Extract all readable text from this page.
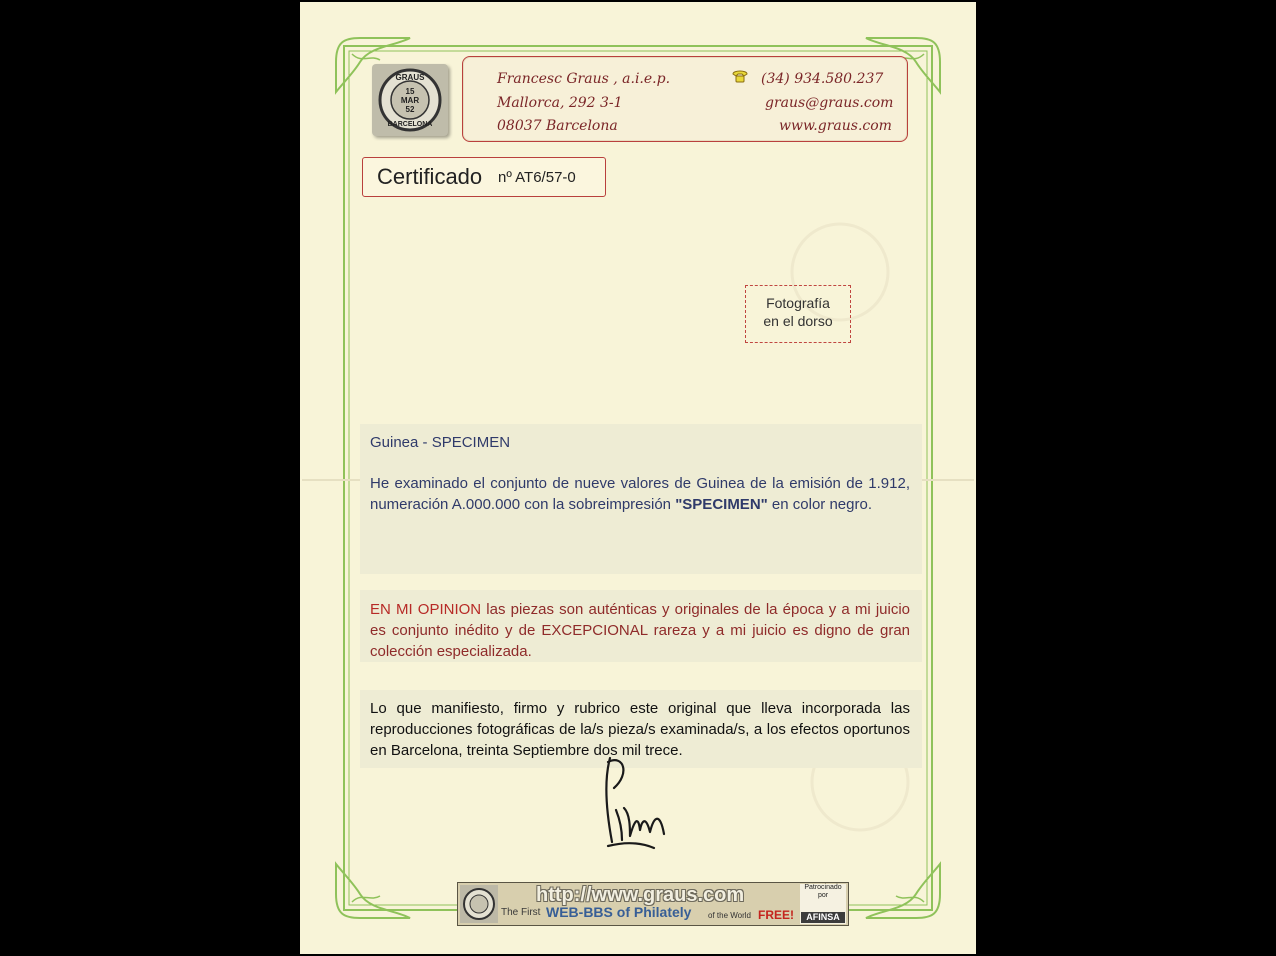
GRAUS
15
MAR
52
BARCELONA
Francesc Graus , a.i.e.p.
Mallorca, 292 3-1
08037 Barcelona
(34) 934.580.237
graus@graus.com
www.graus.com
Certificado nº AT6/57-0
Fotografía
en el dorso
Guinea - SPECIMEN
He examinado el conjunto de nueve valores de Guinea de la emisión de 1.912, numeración A.000.000 con la sobreimpresión "SPECIMEN" en color negro.
EN MI OPINION las piezas son auténticas y originales de la época y a mi juicio es conjunto inédito y de EXCEPCIONAL rareza y a mi juicio es digno de gran colección especializada.
Lo que manifiesto, firmo y rubrico este original que lleva incorporada las reproducciones fotográficas de la/s pieza/s examinada/s, a los efectos oportunos en Barcelona, treinta Septiembre dos mil trece.
http://www.graus.com
The First WEB-BBS of Philately of the World FREE!
Patrocinado
por
AFINSA
